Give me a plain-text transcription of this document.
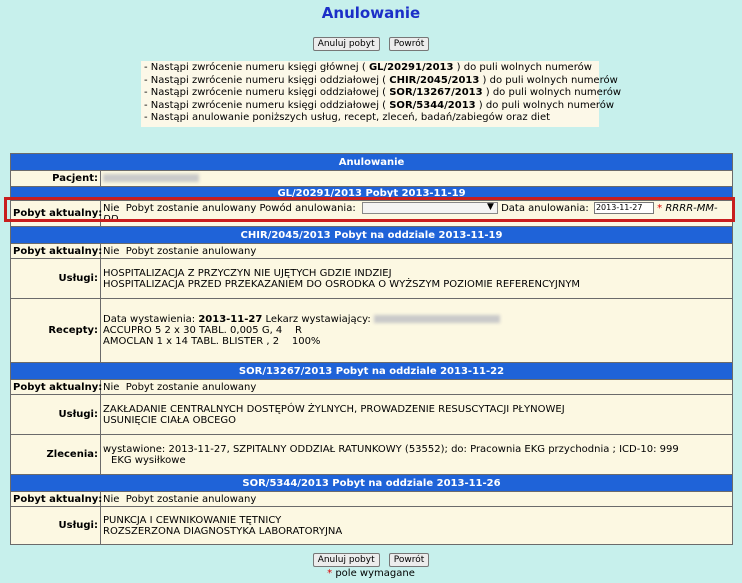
Anulowanie
Anuluj pobyt Powrót
- Nastąpi zwrócenie numeru księgi głównej ( GL/20291/2013 ) do puli wolnych numerów
- Nastąpi zwrócenie numeru księgi oddziałowej ( CHIR/2045/2013 ) do puli wolnych numerów
- Nastąpi zwrócenie numeru księgi oddziałowej ( SOR/13267/2013 ) do puli wolnych numerów
- Nastąpi zwrócenie numeru księgi oddziałowej ( SOR/5344/2013 ) do puli wolnych numerów
- Nastąpi anulowanie poniższych usług, recept, zleceń, badań/zabiegów oraz diet
Anulowanie	
Pacjent:	
GL/20291/2013 Pobyt 2013-11-19	
Pobyt aktualny:	Nie Pobyt zostanie anulowany Powód anulowania: ▼ Data anulowania: 2013-11-27 * RRRR-MM-DD
CHIR/2045/2013 Pobyt na oddziale 2013-11-19	
Pobyt aktualny:	Nie Pobyt zostanie anulowany
Usługi:	HOSPITALIZACJA Z PRZYCZYN NIE UJĘTYCH GDZIE INDZIEJ
HOSPITALIZACJA PRZED PRZEKAZANIEM DO OSRODKA O WYŻSZYM POZIOMIE REFERENCYJNYM

Recepty:	Data wystawienia: 2013-11-27 Lekarz wystawiający:
ACCUPRO 5 2 x 30 TABL. 0,005 G, 4    R
AMOCLAN 1 x 14 TABL. BLISTER , 2    100%

SOR/13267/2013 Pobyt na oddziale 2013-11-22	
Pobyt aktualny:	Nie Pobyt zostanie anulowany
Usługi:	ZAKŁADANIE CENTRALNYCH DOSTĘPÓW ŻYLNYCH, PROWADZENIE RESUSCYTACJI PŁYNOWEJ
USUNIĘCIE CIAŁA OBCEGO

Zlecenia:	wystawione: 2013-11-27, SZPITALNY ODDZIAŁ RATUNKOWY (53552); do: Pracownia EKG przychodnia ; ICD-10: 999
EKG wysiłkowe

SOR/5344/2013 Pobyt na oddziale 2013-11-26	
Pobyt aktualny:	Nie Pobyt zostanie anulowany
Usługi:	PUNKCJA I CEWNIKOWANIE TĘTNICY
ROZSZERZONA DIAGNOSTYKA LABORATORYJNA
Anuluj pobyt Powrót
* pole wymagane
